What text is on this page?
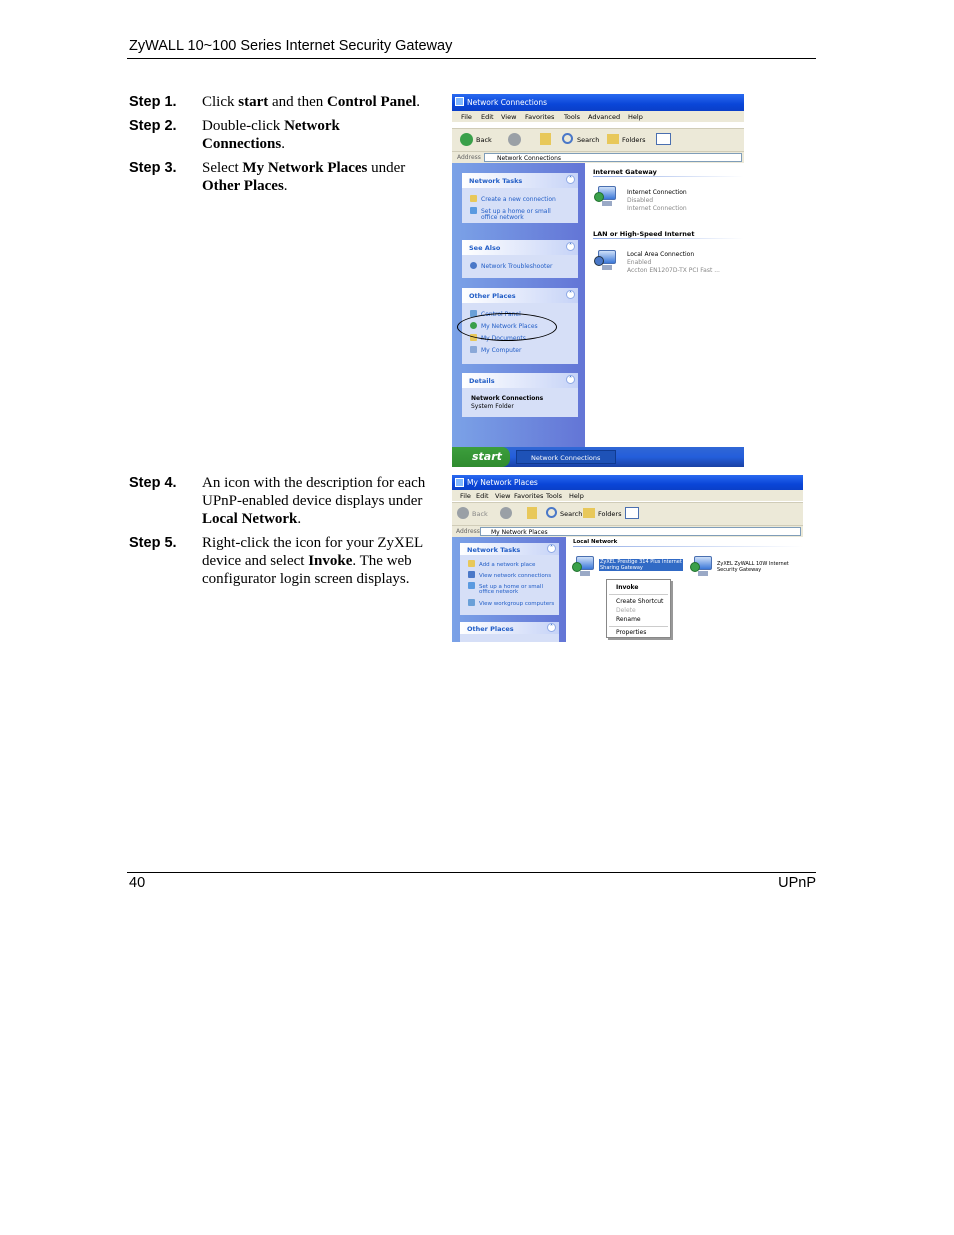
ZyWALL 10~100 Series Internet Security Gateway
Step 1. Click start and then Control Panel.
Step 2. Double-click Network Connections.
Step 3. Select My Network Places under
Other Places.
Step 4. An icon with the description for each UPnP-enabled device displays under Local Network.
Step 5. Right-click the icon for your ZyXEL device and select Invoke. The web configurator login screen displays.
Network Connections
File Edit View Favorites Tools Advanced Help
Back	Search	Folders
Address	Network Connections
Network Tasks	˄
Create a new connection
Set up a home or small
office network
See Also	˄
Network Troubleshooter
Other Places	˄
Control Panel
My Network Places
My Documents
My Computer
Details	˄
Network Connections
System Folder
Internet Gateway
Internet Connection
Disabled
Internet Connection
LAN or High-Speed Internet
Local Area Connection
Enabled
Accton EN1207D-TX PCI Fast ...
start	Network Connections
My Network Places
File Edit View Favorites Tools Help
Back	Search Folders
Address My Network Places
Network Tasks	˄
Add a network place
View network connections
Set up a home or small
office network
View workgroup computers
Other Places	˄
Local Network
ZyXEL Prestige 314 Plus Internet
Sharing Gateway
ZyXEL ZyWALL 10W Internet
Security Gateway
Invoke
Create Shortcut
Delete
Rename
Properties
40	UPnP
